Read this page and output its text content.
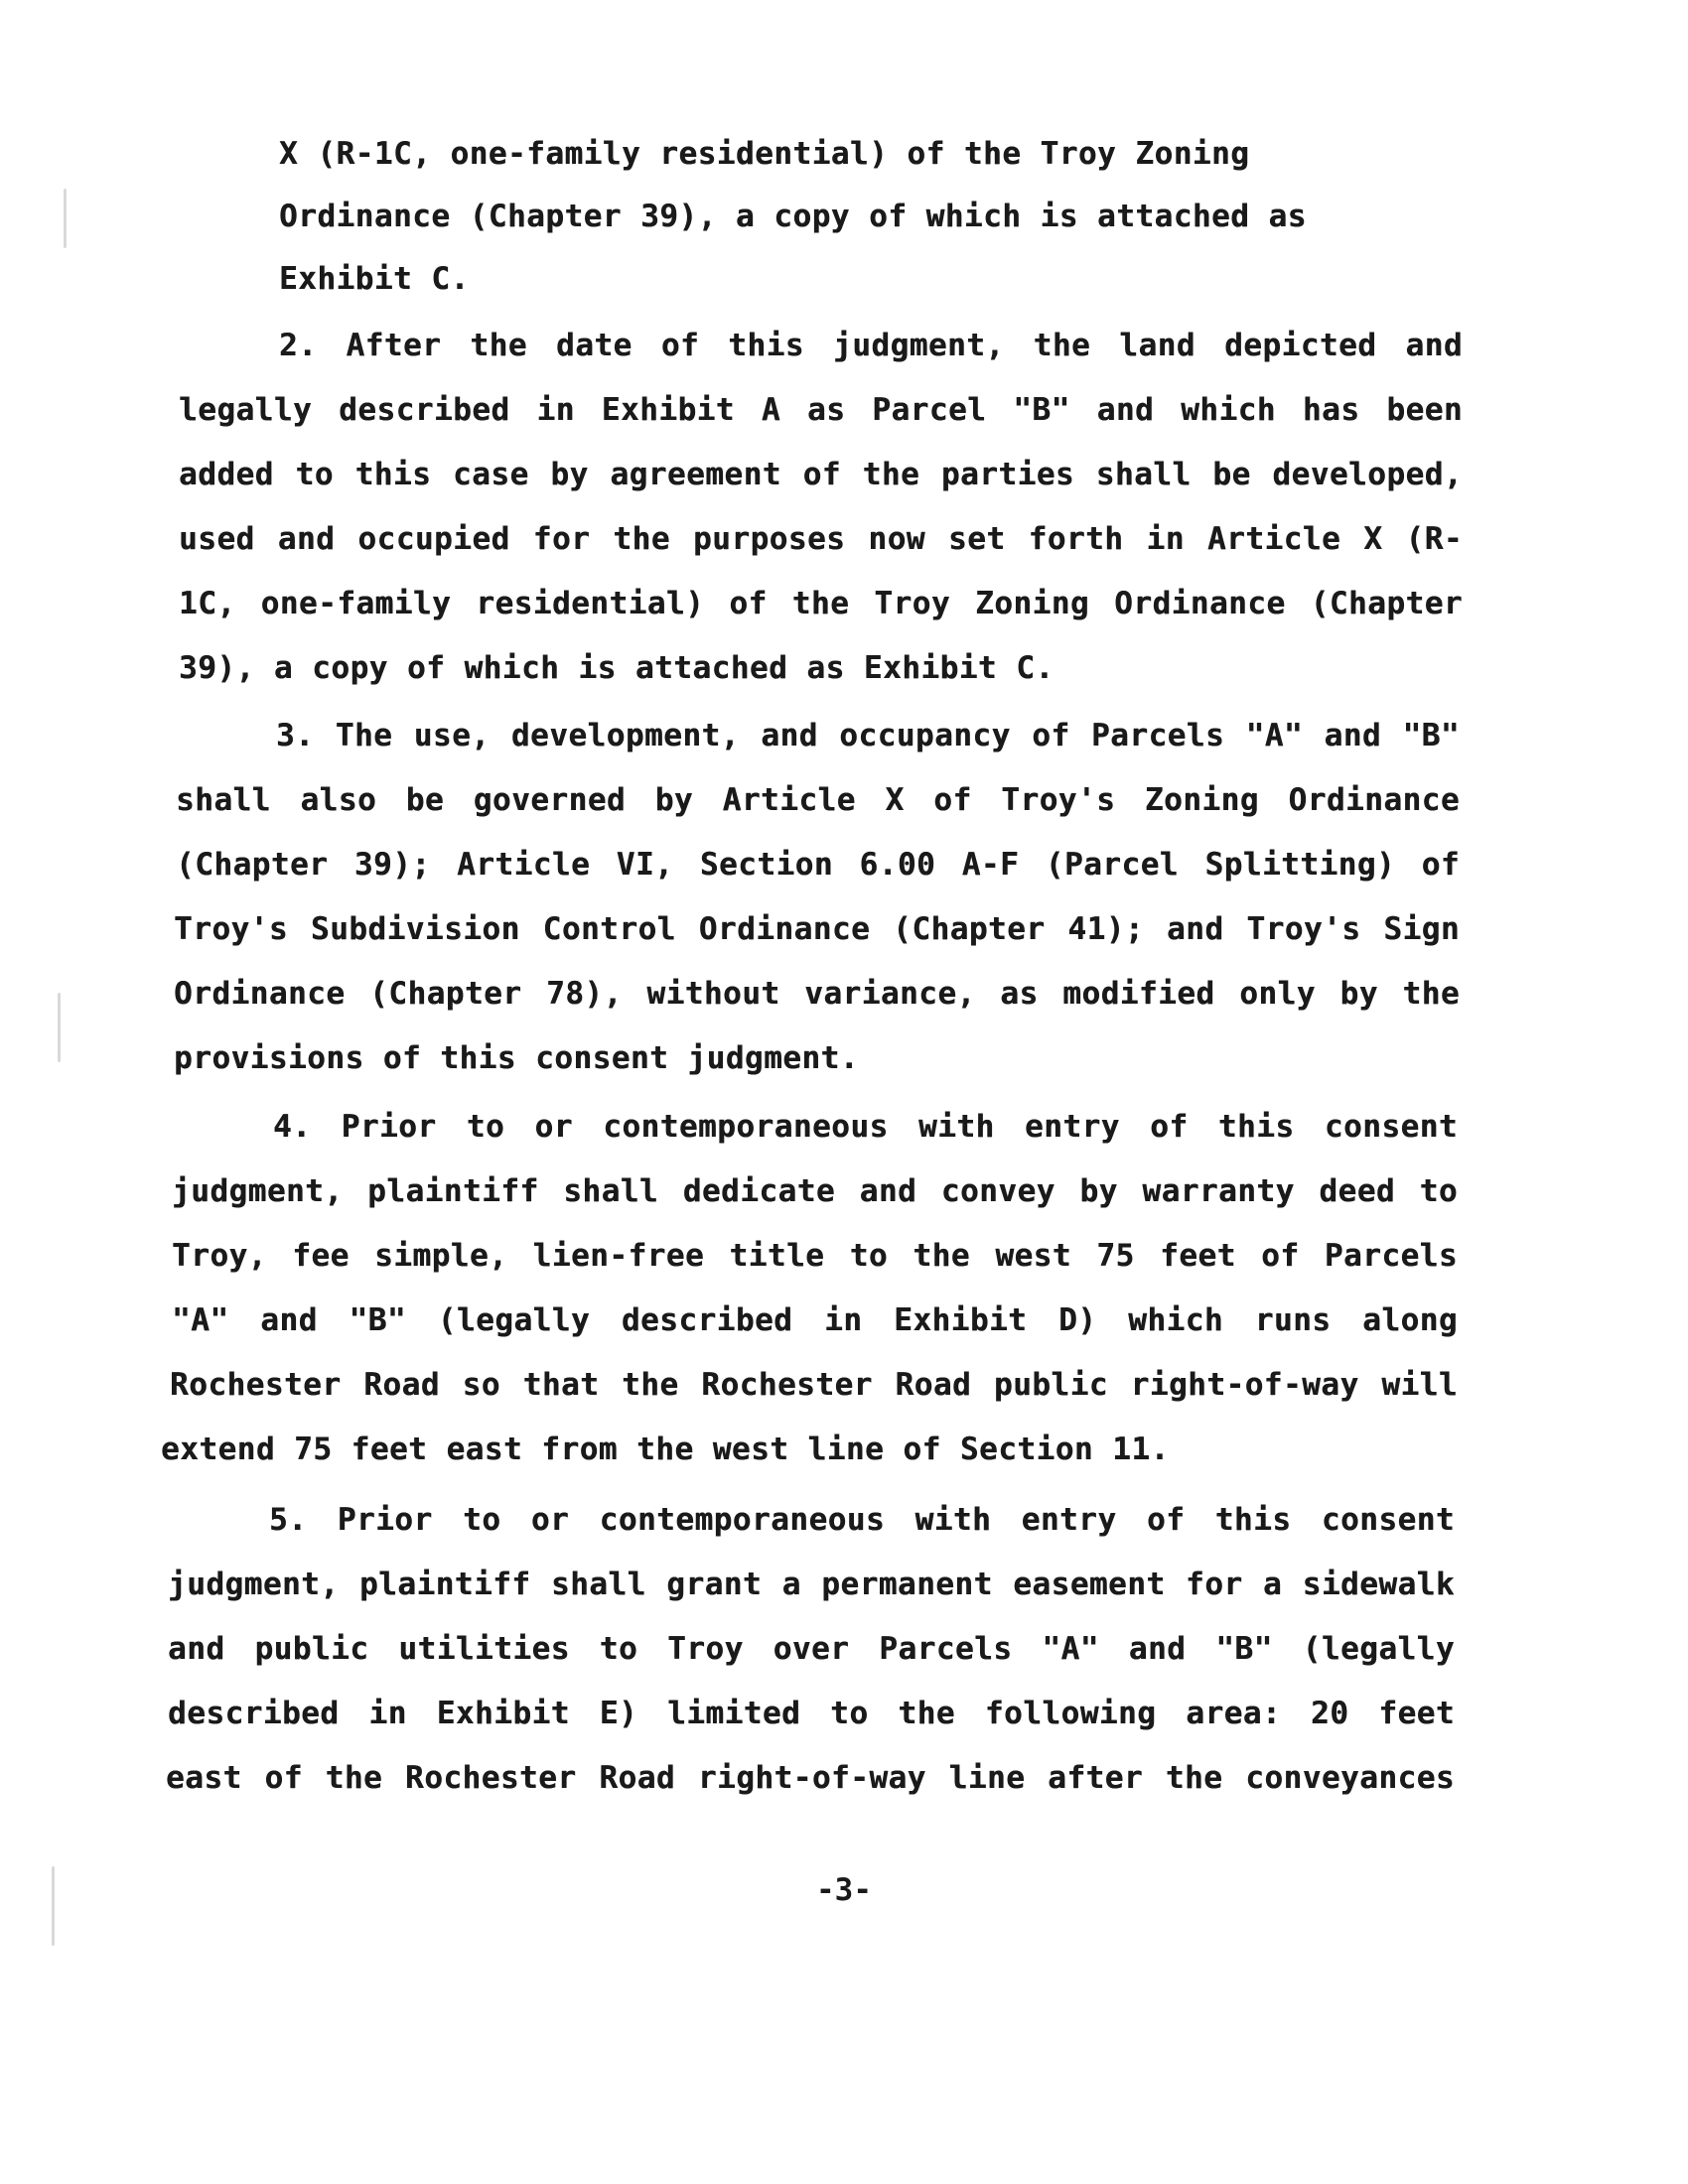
X (R-1C, one-family residential) of the Troy Zoning
Ordinance (Chapter 39), a copy of which is attached as
Exhibit C.
2. After the date of this judgment, the land depicted and
legally described in Exhibit A as Parcel "B" and which has been
added to this case by agreement of the parties shall be developed,
used and occupied for the purposes now set forth in Article X (R-
1C, one-family residential) of the Troy Zoning Ordinance (Chapter
39), a copy of which is attached as Exhibit C.
3. The use, development, and occupancy of Parcels "A" and "B"
shall also be governed by Article X of Troy's Zoning Ordinance
(Chapter 39); Article VI, Section 6.00 A-F (Parcel Splitting) of
Troy's Subdivision Control Ordinance (Chapter 41); and Troy's Sign
Ordinance (Chapter 78), without variance, as modified only by the
provisions of this consent judgment.
4. Prior to or contemporaneous with entry of this consent
judgment, plaintiff shall dedicate and convey by warranty deed to
Troy, fee simple, lien-free title to the west 75 feet of Parcels
"A" and "B" (legally described in Exhibit D) which runs along
Rochester Road so that the Rochester Road public right-of-way will
extend 75 feet east from the west line of Section 11.
5. Prior to or contemporaneous with entry of this consent
judgment, plaintiff shall grant a permanent easement for a sidewalk
and public utilities to Troy over Parcels "A" and "B" (legally
described in Exhibit E) limited to the following area: 20 feet
east of the Rochester Road right-of-way line after the conveyances
-3-
